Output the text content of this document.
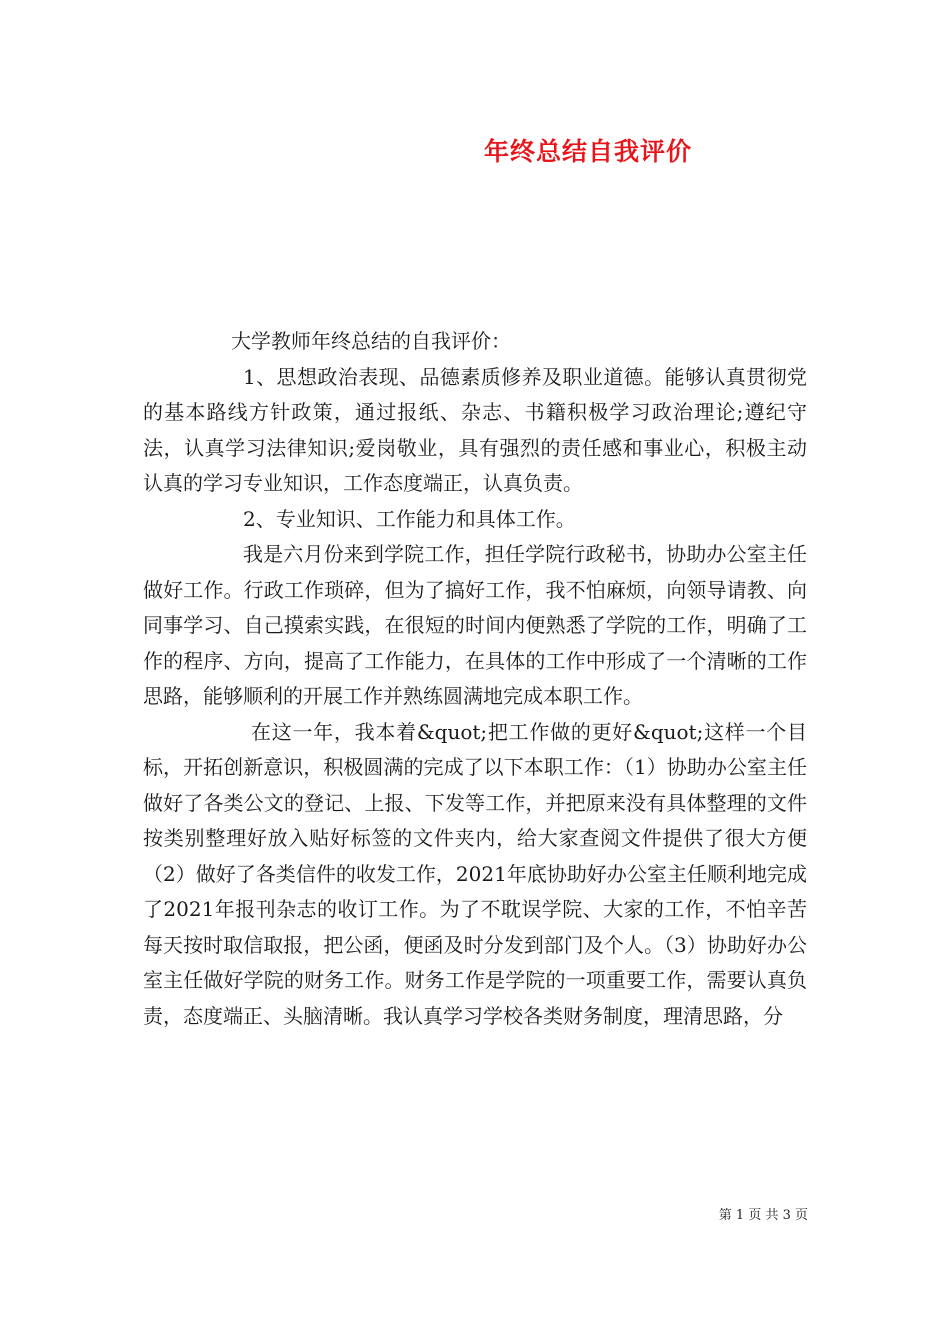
年终总结自我评价

大学教师年终总结的自我评价：

1、思想政治表现、品德素质修养及职业道德。能够认真贯彻党的基本路线方针政策，通过报纸、杂志、书籍积极学习政治理论;遵纪守法，认真学习法律知识;爱岗敬业，具有强烈的责任感和事业心，积极主动认真的学习专业知识，工作态度端正，认真负责。

2、专业知识、工作能力和具体工作。

我是六月份来到学院工作，担任学院行政秘书，协助办公室主任做好工作。行政工作琐碎，但为了搞好工作，我不怕麻烦，向领导请教、向同事学习、自己摸索实践，在很短的时间内便熟悉了学院的工作，明确了工作的程序、方向，提高了工作能力，在具体的工作中形成了一个清晰的工作思路，能够顺利的开展工作并熟练圆满地完成本职工作。

在这一年，我本着&quot;把工作做的更好&quot;这样一个目标，开拓创新意识，积极圆满的完成了以下本职工作：（1）协助办公室主任做好了各类公文的登记、上报、下发等工作，并把原来没有具体整理的文件按类别整理好放入贴好标签的文件夹内，给大家查阅文件提供了很大方便（2）做好了各类信件的收发工作，2021年底协助好办公室主任顺利地完成了2021年报刊杂志的收订工作。为了不耽误学院、大家的工作，不怕辛苦每天按时取信取报，把公函，便函及时分发到部门及个人。（3）协助好办公室主任做好学院的财务工作。财务工作是学院的一项重要工作，需要认真负责，态度端正、头脑清晰。我认真学习学校各类财务制度，理清思路，分

第 1 页 共 3 页
